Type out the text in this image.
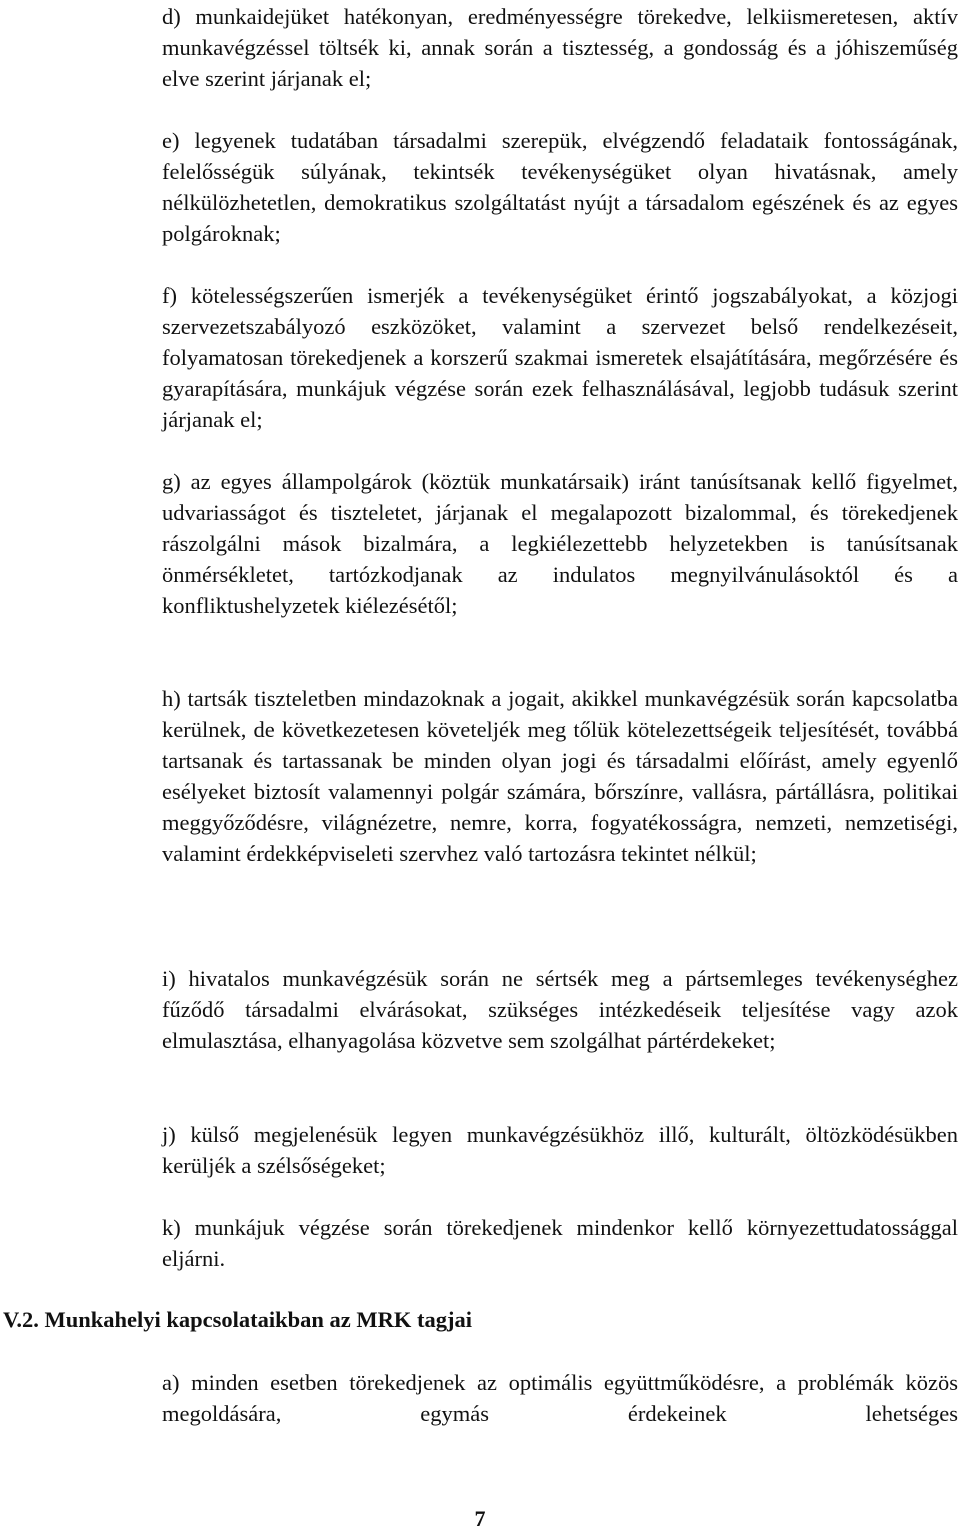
d) munkaidejüket hatékonyan, eredményességre törekedve, lelkiismeretesen, aktív munkavégzéssel töltsék ki, annak során a tisztesség, a gondosság és a jóhiszeműség elve szerint járjanak el;

e) legyenek tudatában társadalmi szerepük, elvégzendő feladataik fontosságának, felelősségük súlyának, tekintsék tevékenységüket olyan hivatásnak, amely nélkülözhetetlen, demokratikus szolgáltatást nyújt a társadalom egészének és az egyes polgároknak;

f) kötelességszerűen ismerjék a tevékenységüket érintő jogszabályokat, a közjogi szervezetszabályozó eszközöket, valamint a szervezet belső rendelkezéseit, folyamatosan törekedjenek a korszerű szakmai ismeretek elsajátítására, megőrzésére és gyarapítására, munkájuk végzése során ezek felhasználásával, legjobb tudásuk szerint járjanak el;

g) az egyes állampolgárok (köztük munkatársaik) iránt tanúsítsanak kellő figyelmet, udvariasságot és tiszteletet, járjanak el megalapozott bizalommal, és törekedjenek rászolgálni mások bizalmára, a legkiélezettebb helyzetekben is tanúsítsanak önmérsékletet, tartózkodjanak az indulatos megnyilvánulásoktól és a konfliktushelyzetek kiélezésétől;

h) tartsák tiszteletben mindazoknak a jogait, akikkel munkavégzésük során kapcsolatba kerülnek, de következetesen követeljék meg tőlük kötelezettségeik teljesítését, továbbá tartsanak és tartassanak be minden olyan jogi és társadalmi előírást, amely egyenlő esélyeket biztosít valamennyi polgár számára, bőrszínre, vallásra, pártállásra, politikai meggyőződésre, világnézetre, nemre, korra, fogyatékosságra, nemzeti, nemzetiségi, valamint érdekképviseleti szervhez való tartozásra tekintet nélkül;

i) hivatalos munkavégzésük során ne sértsék meg a pártsemleges tevékenységhez fűződő társadalmi elvárásokat, szükséges intézkedéseik teljesítése vagy azok elmulasztása, elhanyagolása közvetve sem szolgálhat pártérdekeket;

j) külső megjelenésük legyen munkavégzésükhöz illő, kulturált, öltözködésükben kerüljék a szélsőségeket;

k) munkájuk végzése során törekedjenek mindenkor kellő környezettudatossággal eljárni.

V.2. Munkahelyi kapcsolataikban az MRK tagjai

a) minden esetben törekedjenek az optimális együttműködésre, a problémák közös megoldására, egymás érdekeinek lehetséges

7
